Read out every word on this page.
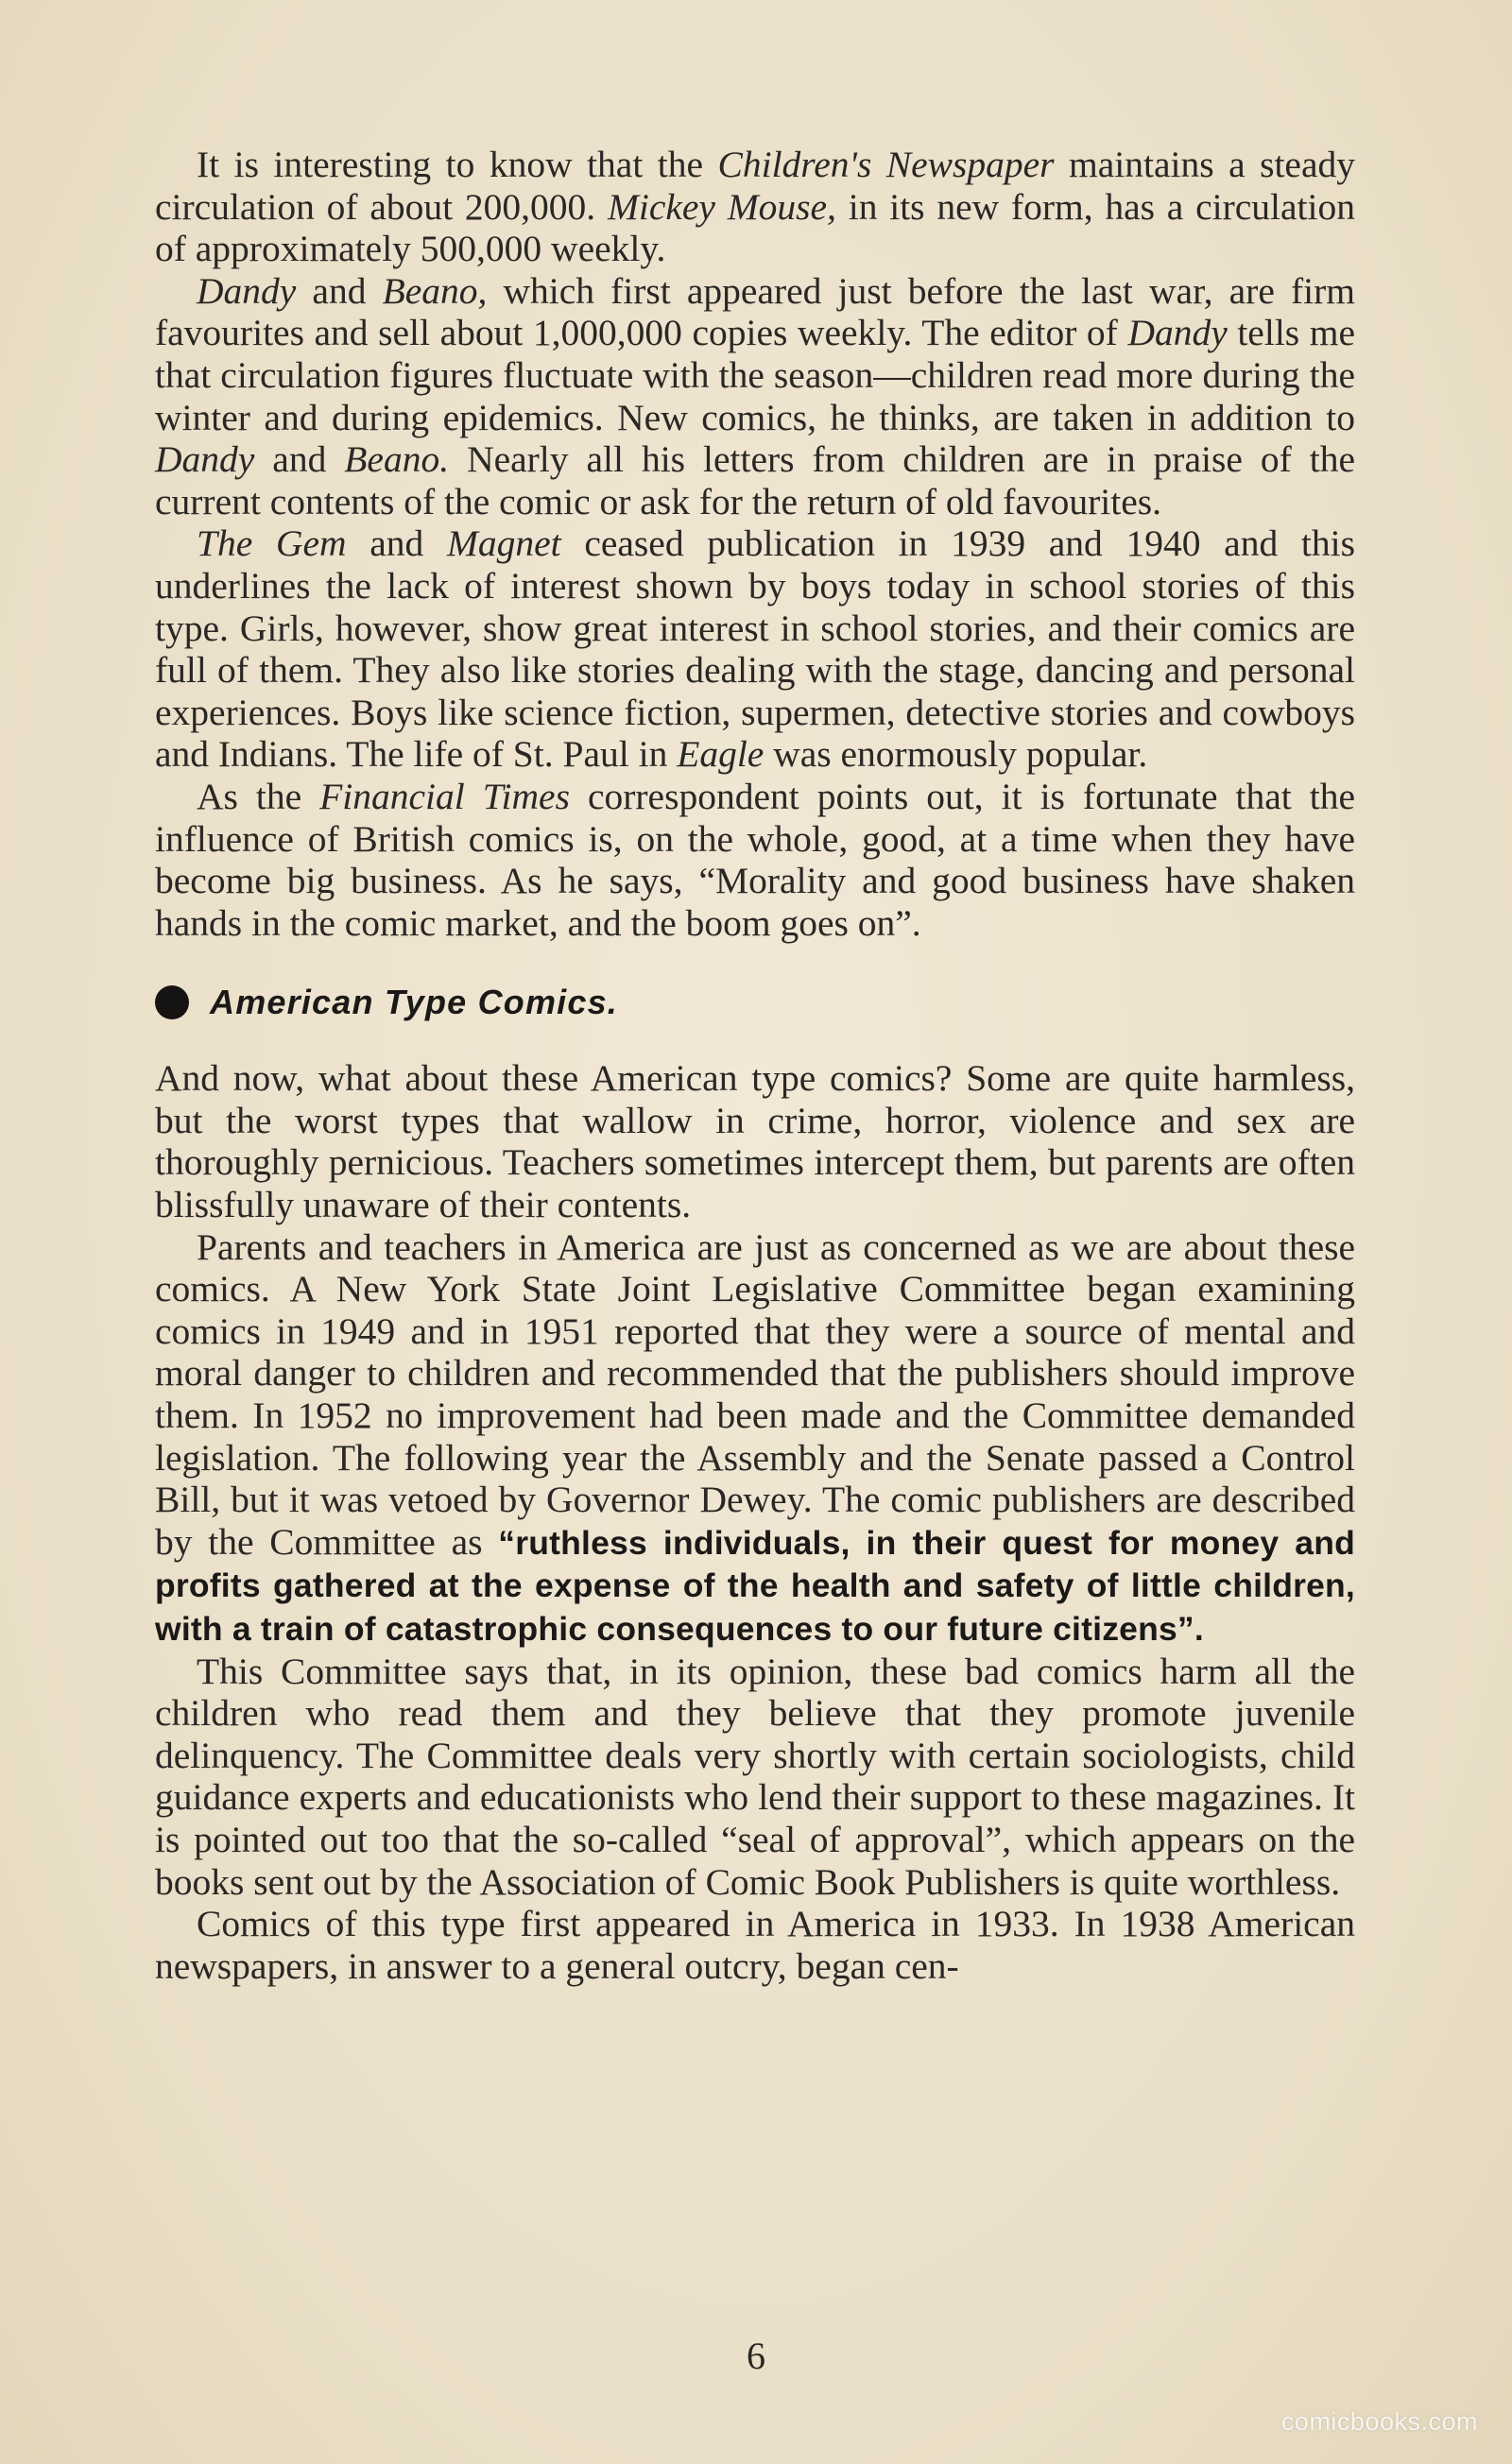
It is interesting to know that the Children's Newspaper maintains a steady circulation of about 200,000. Mickey Mouse, in its new form, has a circulation of approximately 500,000 weekly.

Dandy and Beano, which first appeared just before the last war, are firm favourites and sell about 1,000,000 copies weekly. The editor of Dandy tells me that circulation figures fluctuate with the season—children read more during the winter and during epidemics. New comics, he thinks, are taken in addition to Dandy and Beano. Nearly all his letters from children are in praise of the current contents of the comic or ask for the return of old favourites.

The Gem and Magnet ceased publication in 1939 and 1940 and this underlines the lack of interest shown by boys today in school stories of this type. Girls, however, show great interest in school stories, and their comics are full of them. They also like stories dealing with the stage, dancing and personal experiences. Boys like science fiction, supermen, detective stories and cowboys and Indians. The life of St. Paul in Eagle was enormously popular.

As the Financial Times correspondent points out, it is fortunate that the influence of British comics is, on the whole, good, at a time when they have become big business. As he says, “Morality and good business have shaken hands in the comic market, and the boom goes on”.

American Type Comics.

And now, what about these American type comics? Some are quite harmless, but the worst types that wallow in crime, horror, violence and sex are thoroughly pernicious. Teachers sometimes intercept them, but parents are often blissfully unaware of their contents.

Parents and teachers in America are just as concerned as we are about these comics. A New York State Joint Legislative Committee began examining comics in 1949 and in 1951 reported that they were a source of mental and moral danger to children and recommended that the publishers should improve them. In 1952 no improvement had been made and the Committee demanded legislation. The following year the Assembly and the Senate passed a Control Bill, but it was vetoed by Governor Dewey. The comic publishers are described by the Committee as “ruthless individuals, in their quest for money and profits gathered at the expense of the health and safety of little children, with a train of catastrophic consequences to our future citizens”.

This Committee says that, in its opinion, these bad comics harm all the children who read them and they believe that they promote juvenile delinquency. The Committee deals very shortly with certain sociologists, child guidance experts and educationists who lend their support to these magazines. It is pointed out too that the so-called “seal of approval”, which appears on the books sent out by the Association of Comic Book Publishers is quite worthless.

Comics of this type first appeared in America in 1933. In 1938 American newspapers, in answer to a general outcry, began cen-

6
comicbooks.com
